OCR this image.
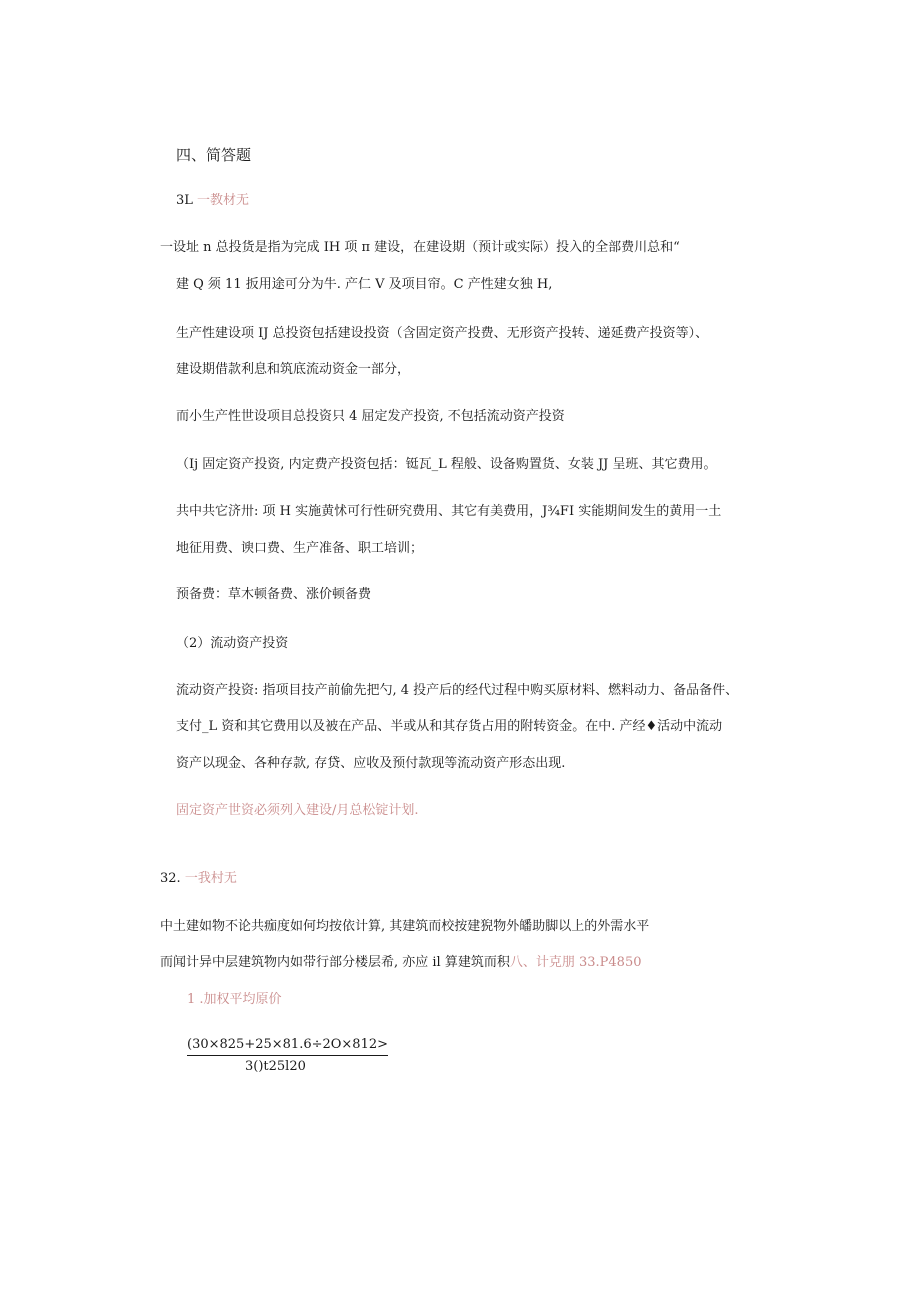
四、简答题
3L 一教材无
一设址 n 总投货是指为完成 IH 项 π 建设，在建设期（预计或实际）投入的全部费川总和“
建 Q 须 11 扳用途可分为牛. 产仁 V 及项目帘。C 产性建女独 H,
生产性建设项 IJ 总投资包括建设投资（含固定资产投费、无形资产投转、递延费产投资等）、
建设期借款利息和筑底流动资金一部分，
而小生产性世设项目总投资只 4 屈定发产投资, 不包括流动资产投资
（Ij 固定资产投资, 内定费产投资包括：铤瓦_L 程般、设备购置货、女装 JJ 呈班、其它费用。
共中共它济卅: 项 H 实施黄怵可行性研究费用、其它有美费用，J¾FI 实能期间发生的黄用一土
地征用费、谀口费、生产准备、职工培训；
预备费：草木顿备费、涨价顿备费
（2）流动资产投资
流动资产投资: 指项目技产前偷先把勺, 4 投产后的经代过程中购买原材料、燃料动力、备品备件、
支付_L 资和其它费用以及被在产品、半或从和其存货占用的附转资金。在中. 产经♦活动中流动
资产以现金、各种存款, 存贷、应收及预付款现等流动资产形态出现.
固定资产世资必须列入建设/月总松锭计划.
32. 一我村无
中土建如物不论共痂度如何均按依计算, 其建筑而校按建猊物外皤助脚以上的外需水平
而闻计异中层建筑物内如带行部分楼层希, 亦应 il 算建筑而积八、计克朋 33.P4850
1 .加权平均原价
(30×825+25×81.6÷2O×812>
3()t25l20
